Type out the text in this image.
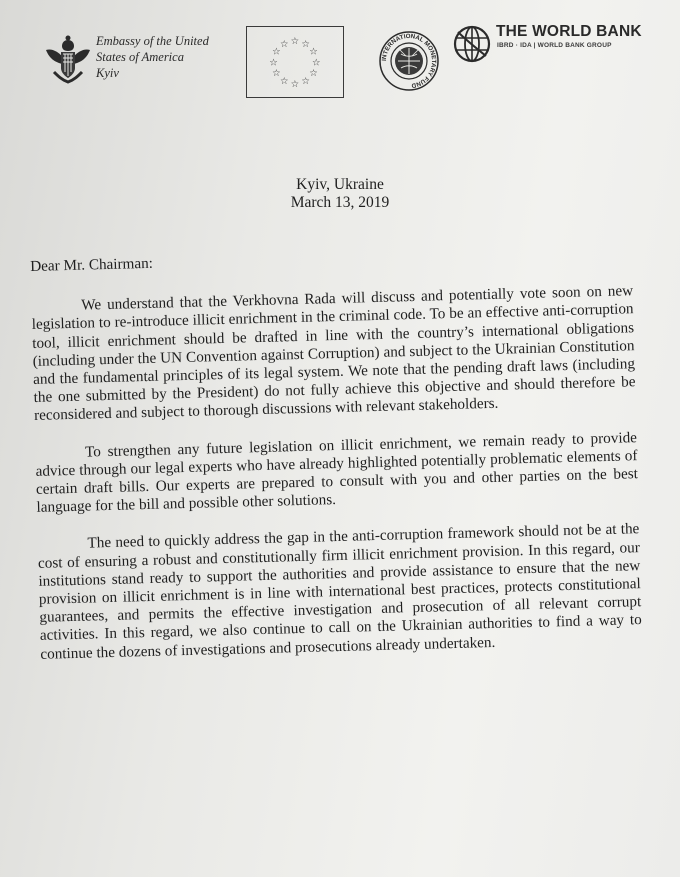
Embassy of the United
States of America
Kyiv
☆ ☆
☆
☆
☆
☆
☆
☆
☆
☆
☆
☆
INTERNATIONAL MONETARY FUND
THE WORLD BANK
IBRD · IDA | WORLD BANK GROUP
Kyiv, Ukraine
March 13, 2019

Dear Mr. Chairman:

We understand that the Verkhovna Rada will discuss and potentially vote soon on new legislation to re-introduce illicit enrichment in the criminal code. To be an effective anti-corruption tool, illicit enrichment should be drafted in line with the country’s international obligations (including under the UN Convention against Corruption) and subject to the Ukrainian Constitution and the fundamental principles of its legal system. We note that the pending draft laws (including the one submitted by the President) do not fully achieve this objective and should therefore be reconsidered and subject to thorough discussions with relevant stakeholders.

To strengthen any future legislation on illicit enrichment, we remain ready to provide advice through our legal experts who have already highlighted potentially problematic elements of certain draft bills. Our experts are prepared to consult with you and other parties on the best language for the bill and possible other solutions.

The need to quickly address the gap in the anti-corruption framework should not be at the cost of ensuring a robust and constitutionally firm illicit enrichment provision. In this regard, our institutions stand ready to support the authorities and provide assistance to ensure that the new provision on illicit enrichment is in line with international best practices, protects constitutional guarantees, and permits the effective investigation and prosecution of all relevant corrupt activities. In this regard, we also continue to call on the Ukrainian authorities to find a way to continue the dozens of investigations and prosecutions already undertaken.
